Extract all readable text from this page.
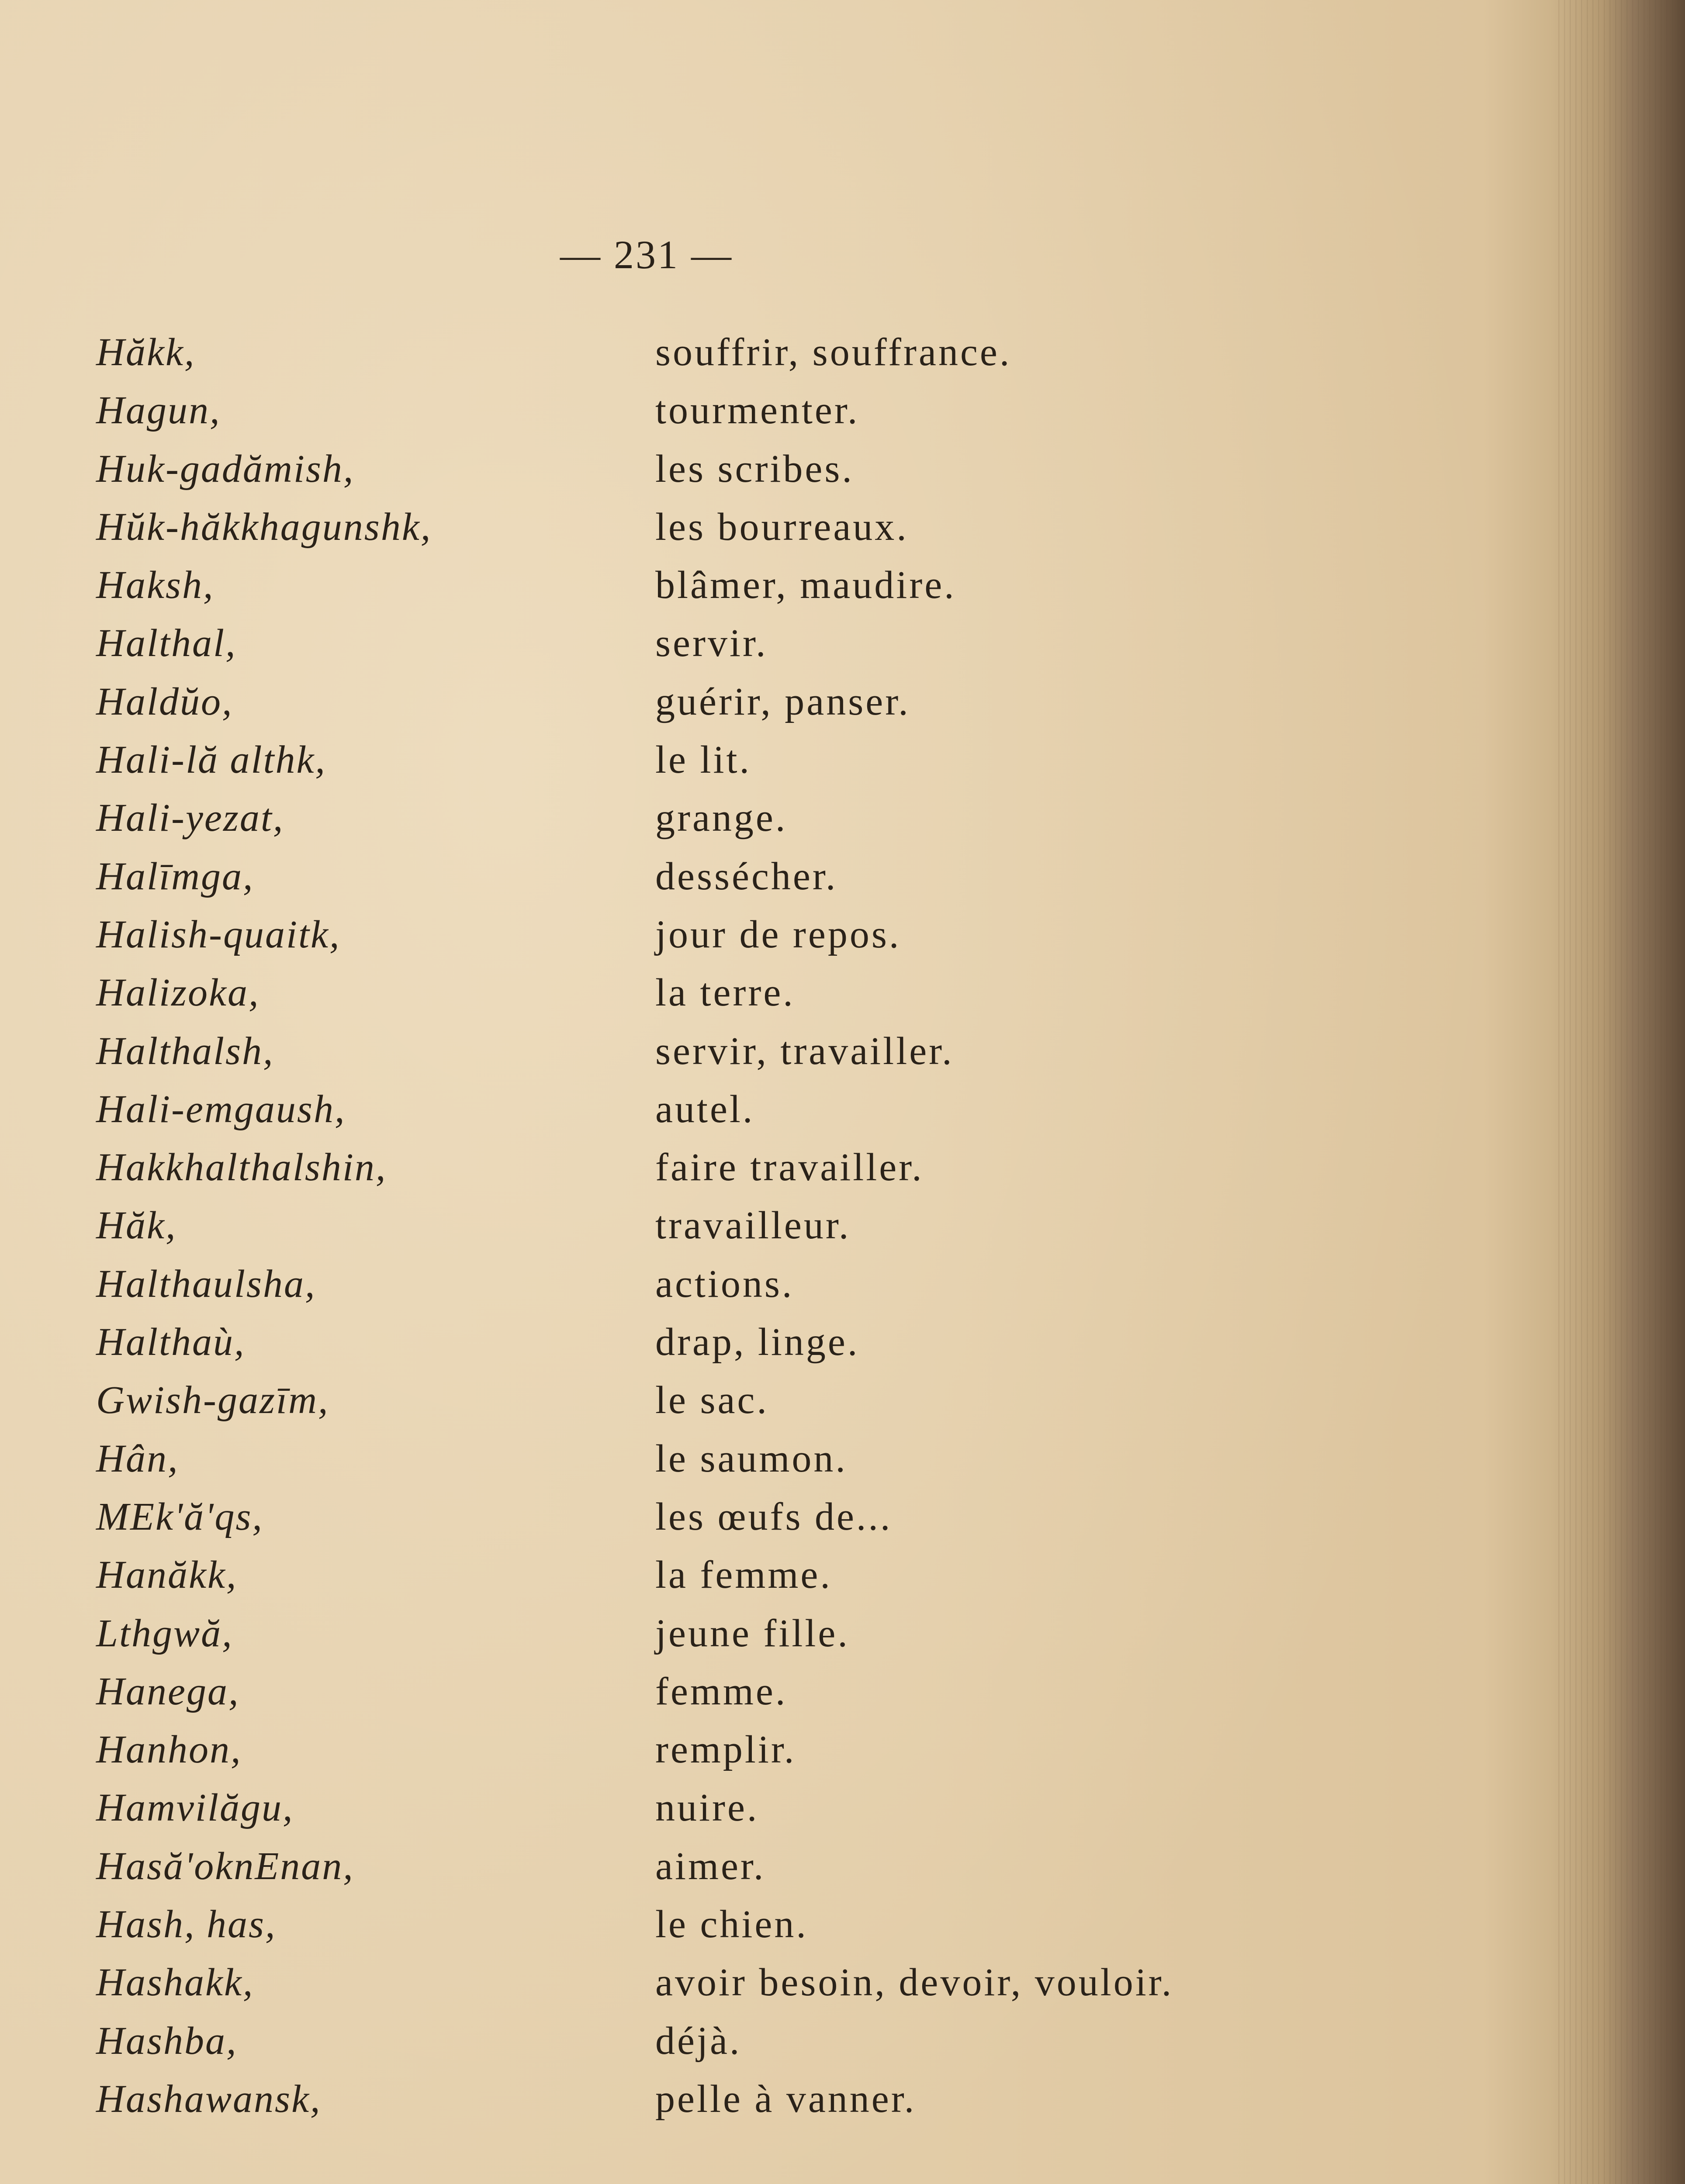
— 231 —
Hăkk,	souffrir, souffrance.
Hagun,	tourmenter.
Huk-gadămish,	les scribes.
Hŭk-hăkkhagunshk,	les bourreaux.
Haksh,	blâmer, maudire.
Halthal,	servir.
Haldŭo,	guérir, panser.
Hali-lă althk,	le lit.
Hali-yezat,	grange.
Halīmga,	dessécher.
Halish-quaitk,	jour de repos.
Halizoka,	la terre.
Halthalsh,	servir, travailler.
Hali-emgaush,	autel.
Hakkhalthalshin,	faire travailler.
Hăk,	travailleur.
Halthaulsha,	actions.
Halthaù,	drap, linge.
Gwish-gazīm,	le sac.
Hân,	le saumon.
MEk'ă'qs,	les œufs de...
Hanăkk,	la femme.
Lthgwă,	jeune fille.
Hanega,	femme.
Hanhon,	remplir.
Hamvilăgu,	nuire.
Hasă'oknEnan,	aimer.
Hash, has,	le chien.
Hashakk,	avoir besoin, devoir, vouloir.
Hashba,	déjà.
Hashawansk,	pelle à vanner.
